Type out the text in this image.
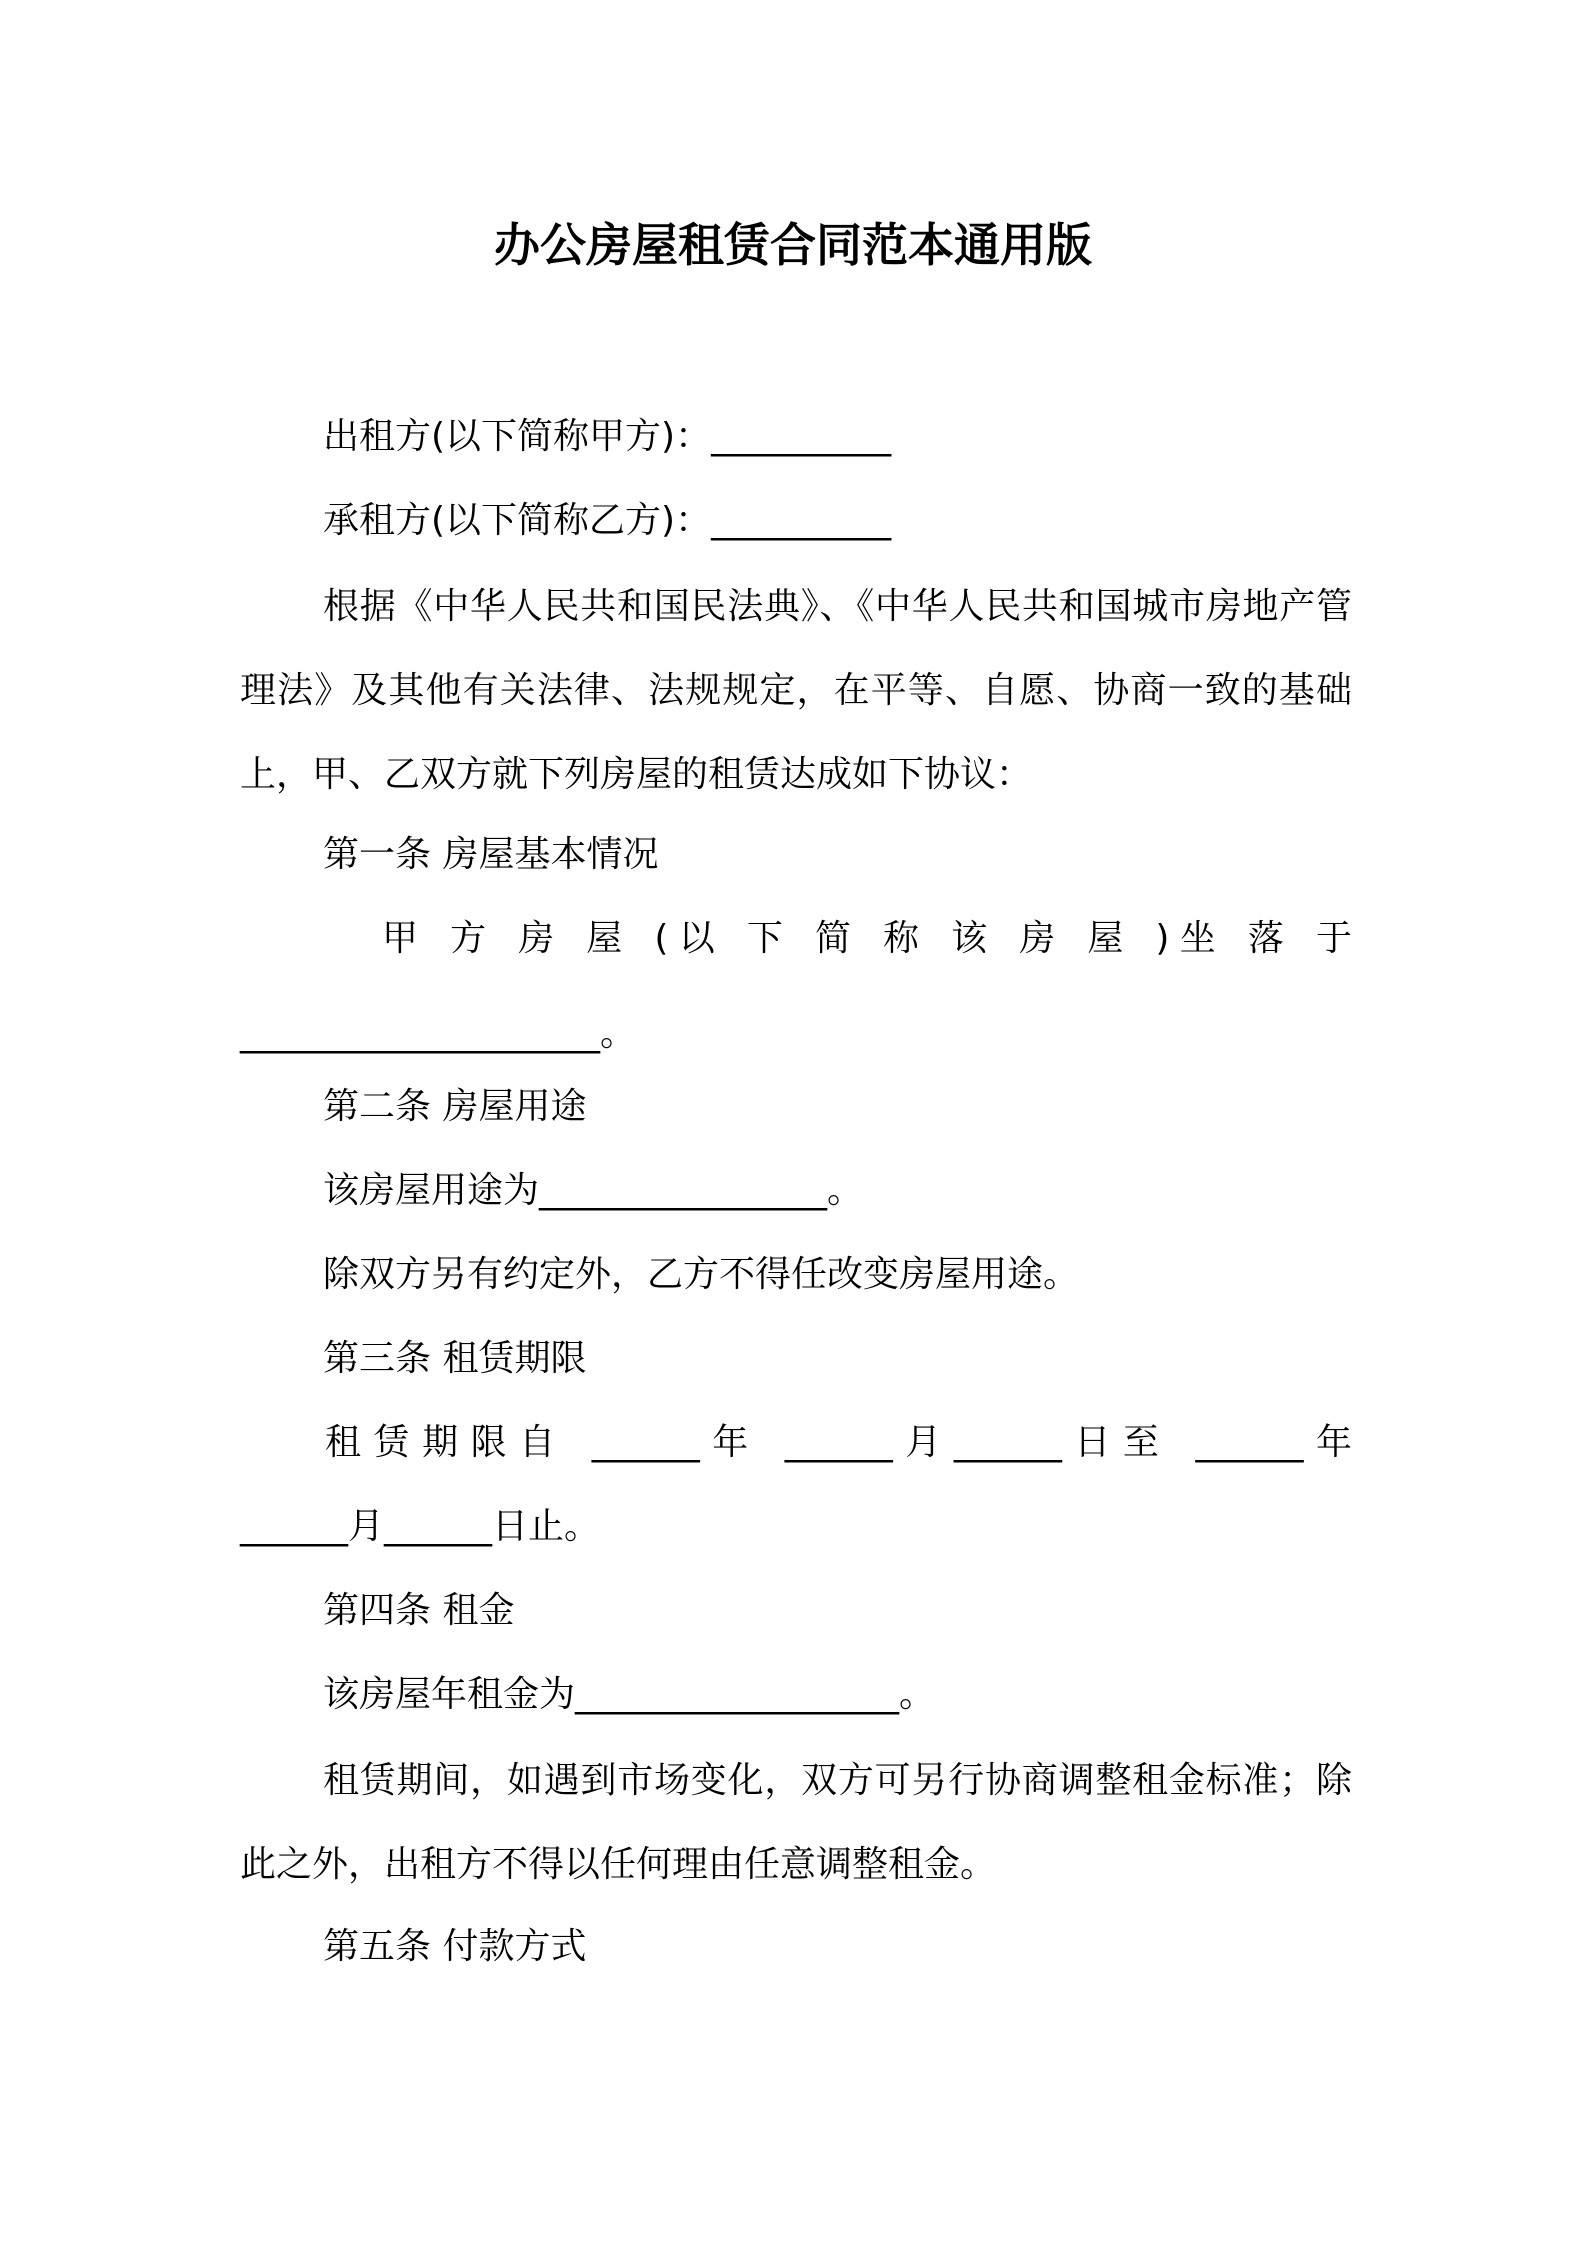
办公房屋租赁合同范本通用版
出租方(以下简称甲方)：__________
承租方(以下简称乙方)：__________
根据《中华人民共和国民法典》、《中华人民共和国城市房地产管理法》及其他有关法律、法规规定，在平等、自愿、协商一致的基础上，甲、乙双方就下列房屋的租赁达成如下协议：
第一条 房屋基本情况
甲 方 房 屋 (以 下 简 称 该 房 屋 )坐 落 于
____________________。
第二条 房屋用途
该房屋用途为________________。
除双方另有约定外，乙方不得任改变房屋用途。
第三条 租赁期限
租赁期限自 ______年 ______月______日至 ______年
______月______日止。
第四条 租金
该房屋年租金为__________________。
租赁期间，如遇到市场变化，双方可另行协商调整租金标准；除此之外，出租方不得以任何理由任意调整租金。
第五条 付款方式
